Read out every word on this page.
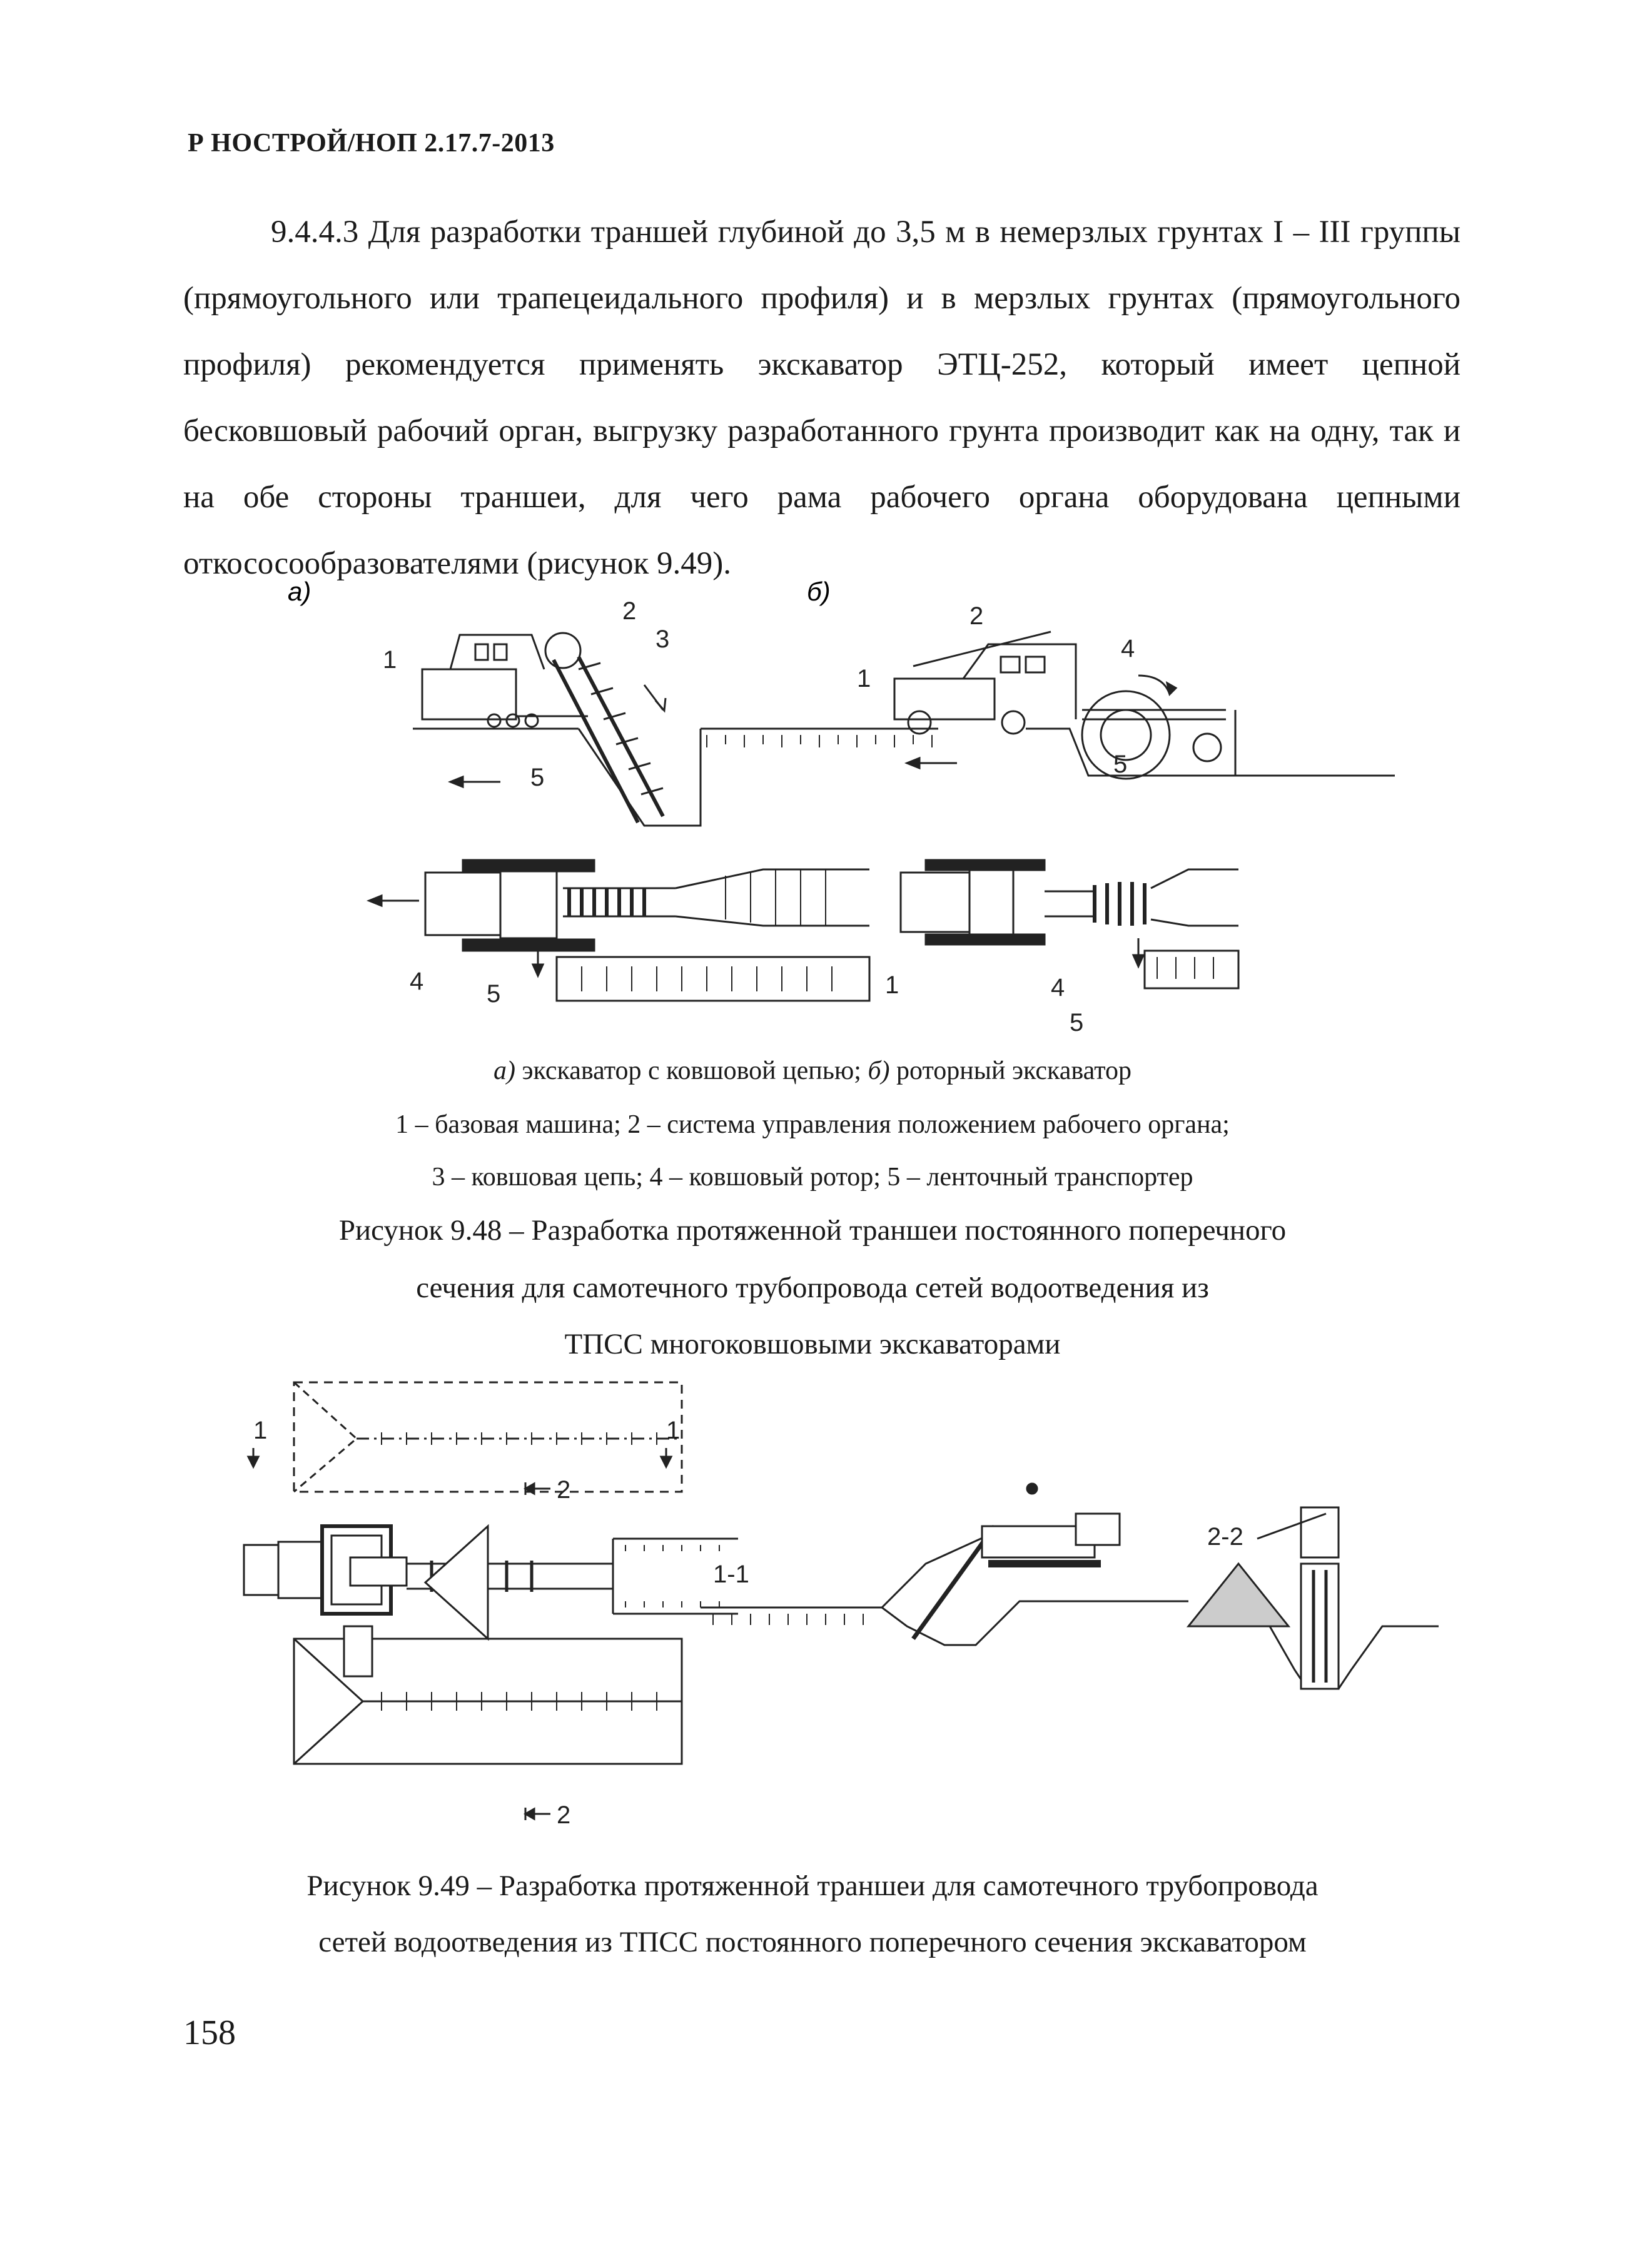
Р НОСТРОЙ/НОП 2.17.7-2013
9.4.4.3 Для разработки траншей глубиной до 3,5 м в немерзлых грунтах I – III группы (прямоугольного или трапецеидального профиля) и в мерзлых грунтах (прямоугольного профиля) рекомендуется применять экскаватор ЭТЦ-252, который имеет цепной бесковшовый рабочий орган, выгрузку разработанного грунта производит как на одну, так и на обе стороны траншеи, для чего рама рабочего органа оборудована цепными откососообразователями (рисунок 9.49).
а)	б)
1
2
3
5
4	5
2
4
1
5
1	4
5
а) экскаватор с ковшовой цепью; б) роторный экскаватор
1 – базовая машина; 2 – система управления положением рабочего органа;
3 – ковшовая цепь; 4 – ковшовый ротор; 5 – ленточный транспортер
Рисунок 9.48 – Разработка протяженной траншеи постоянного поперечного
сечения для самотечного трубопровода сетей водоотведения из
ТПСС многоковшовыми экскаваторами
1	1
2
2
1-1
2-2
Рисунок 9.49 – Разработка протяженной траншеи для самотечного трубопровода
сетей водоотведения из ТПСС постоянного поперечного сечения экскаватором
158
